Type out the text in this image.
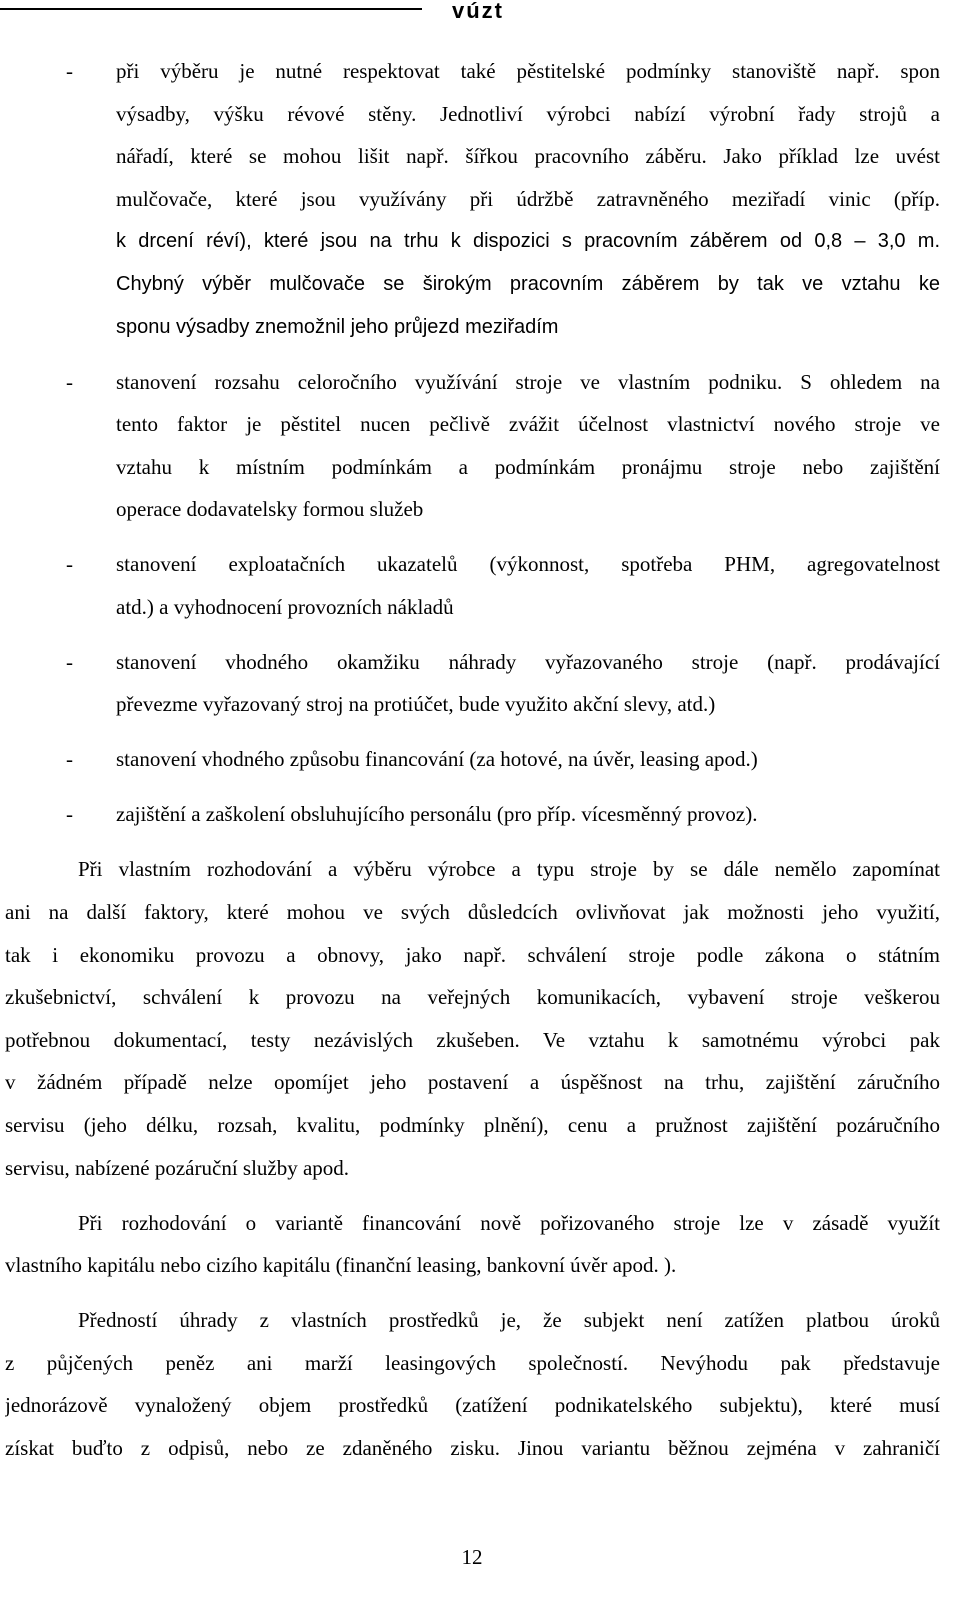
vúzt
- při výběru je nutné respektovat také pěstitelské podmínky stanoviště např. spon
výsadby, výšku révové stěny. Jednotliví výrobci nabízí výrobní řady strojů a
nářadí, které se mohou lišit např. šířkou pracovního záběru. Jako příklad lze uvést
mulčovače, které jsou využívány při údržbě zatravněného meziřadí vinic (příp.
k drcení réví), které jsou na trhu k dispozici s pracovním záběrem od 0,8 – 3,0 m.
Chybný výběr mulčovače se širokým pracovním záběrem by tak ve vztahu ke
sponu výsadby znemožnil jeho průjezd meziřadím
- stanovení rozsahu celoročního využívání stroje ve vlastním podniku. S ohledem na
tento faktor je pěstitel nucen pečlivě zvážit účelnost vlastnictví nového stroje ve
vztahu k místním podmínkám a podmínkám pronájmu stroje nebo zajištění
operace dodavatelsky formou služeb
- stanovení exploatačních ukazatelů (výkonnost, spotřeba PHM, agregovatelnost
atd.) a vyhodnocení provozních nákladů
- stanovení vhodného okamžiku náhrady vyřazovaného stroje (např. prodávající
převezme vyřazovaný stroj na protiúčet, bude využito akční slevy, atd.)
- stanovení vhodného způsobu financování (za hotové, na úvěr, leasing apod.)
- zajištění a zaškolení obsluhujícího personálu (pro příp. vícesměnný provoz).
Při vlastním rozhodování a výběru výrobce a typu stroje by se dále nemělo zapomínat
ani na další faktory, které mohou ve svých důsledcích ovlivňovat jak možnosti jeho využití,
tak i ekonomiku provozu a obnovy, jako např. schválení stroje podle zákona o státním
zkušebnictví, schválení k provozu na veřejných komunikacích, vybavení stroje veškerou
potřebnou dokumentací, testy nezávislých zkušeben. Ve vztahu k samotnému výrobci pak
v žádném případě nelze opomíjet jeho postavení a úspěšnost na trhu, zajištění záručního
servisu (jeho délku, rozsah, kvalitu, podmínky plnění), cenu a pružnost zajištění pozáručního
servisu, nabízené pozáruční služby apod.
Při rozhodování o variantě financování nově pořizovaného stroje lze v zásadě využít
vlastního kapitálu nebo cizího kapitálu (finanční leasing, bankovní úvěr apod. ).
Předností úhrady z vlastních prostředků je, že subjekt není zatížen platbou úroků
z půjčených peněz ani marží leasingových společností. Nevýhodu pak představuje
jednorázově vynaložený objem prostředků (zatížení podnikatelského subjektu), které musí
získat buďto z odpisů, nebo ze zdaněného zisku. Jinou variantu běžnou zejména v zahraničí
12
